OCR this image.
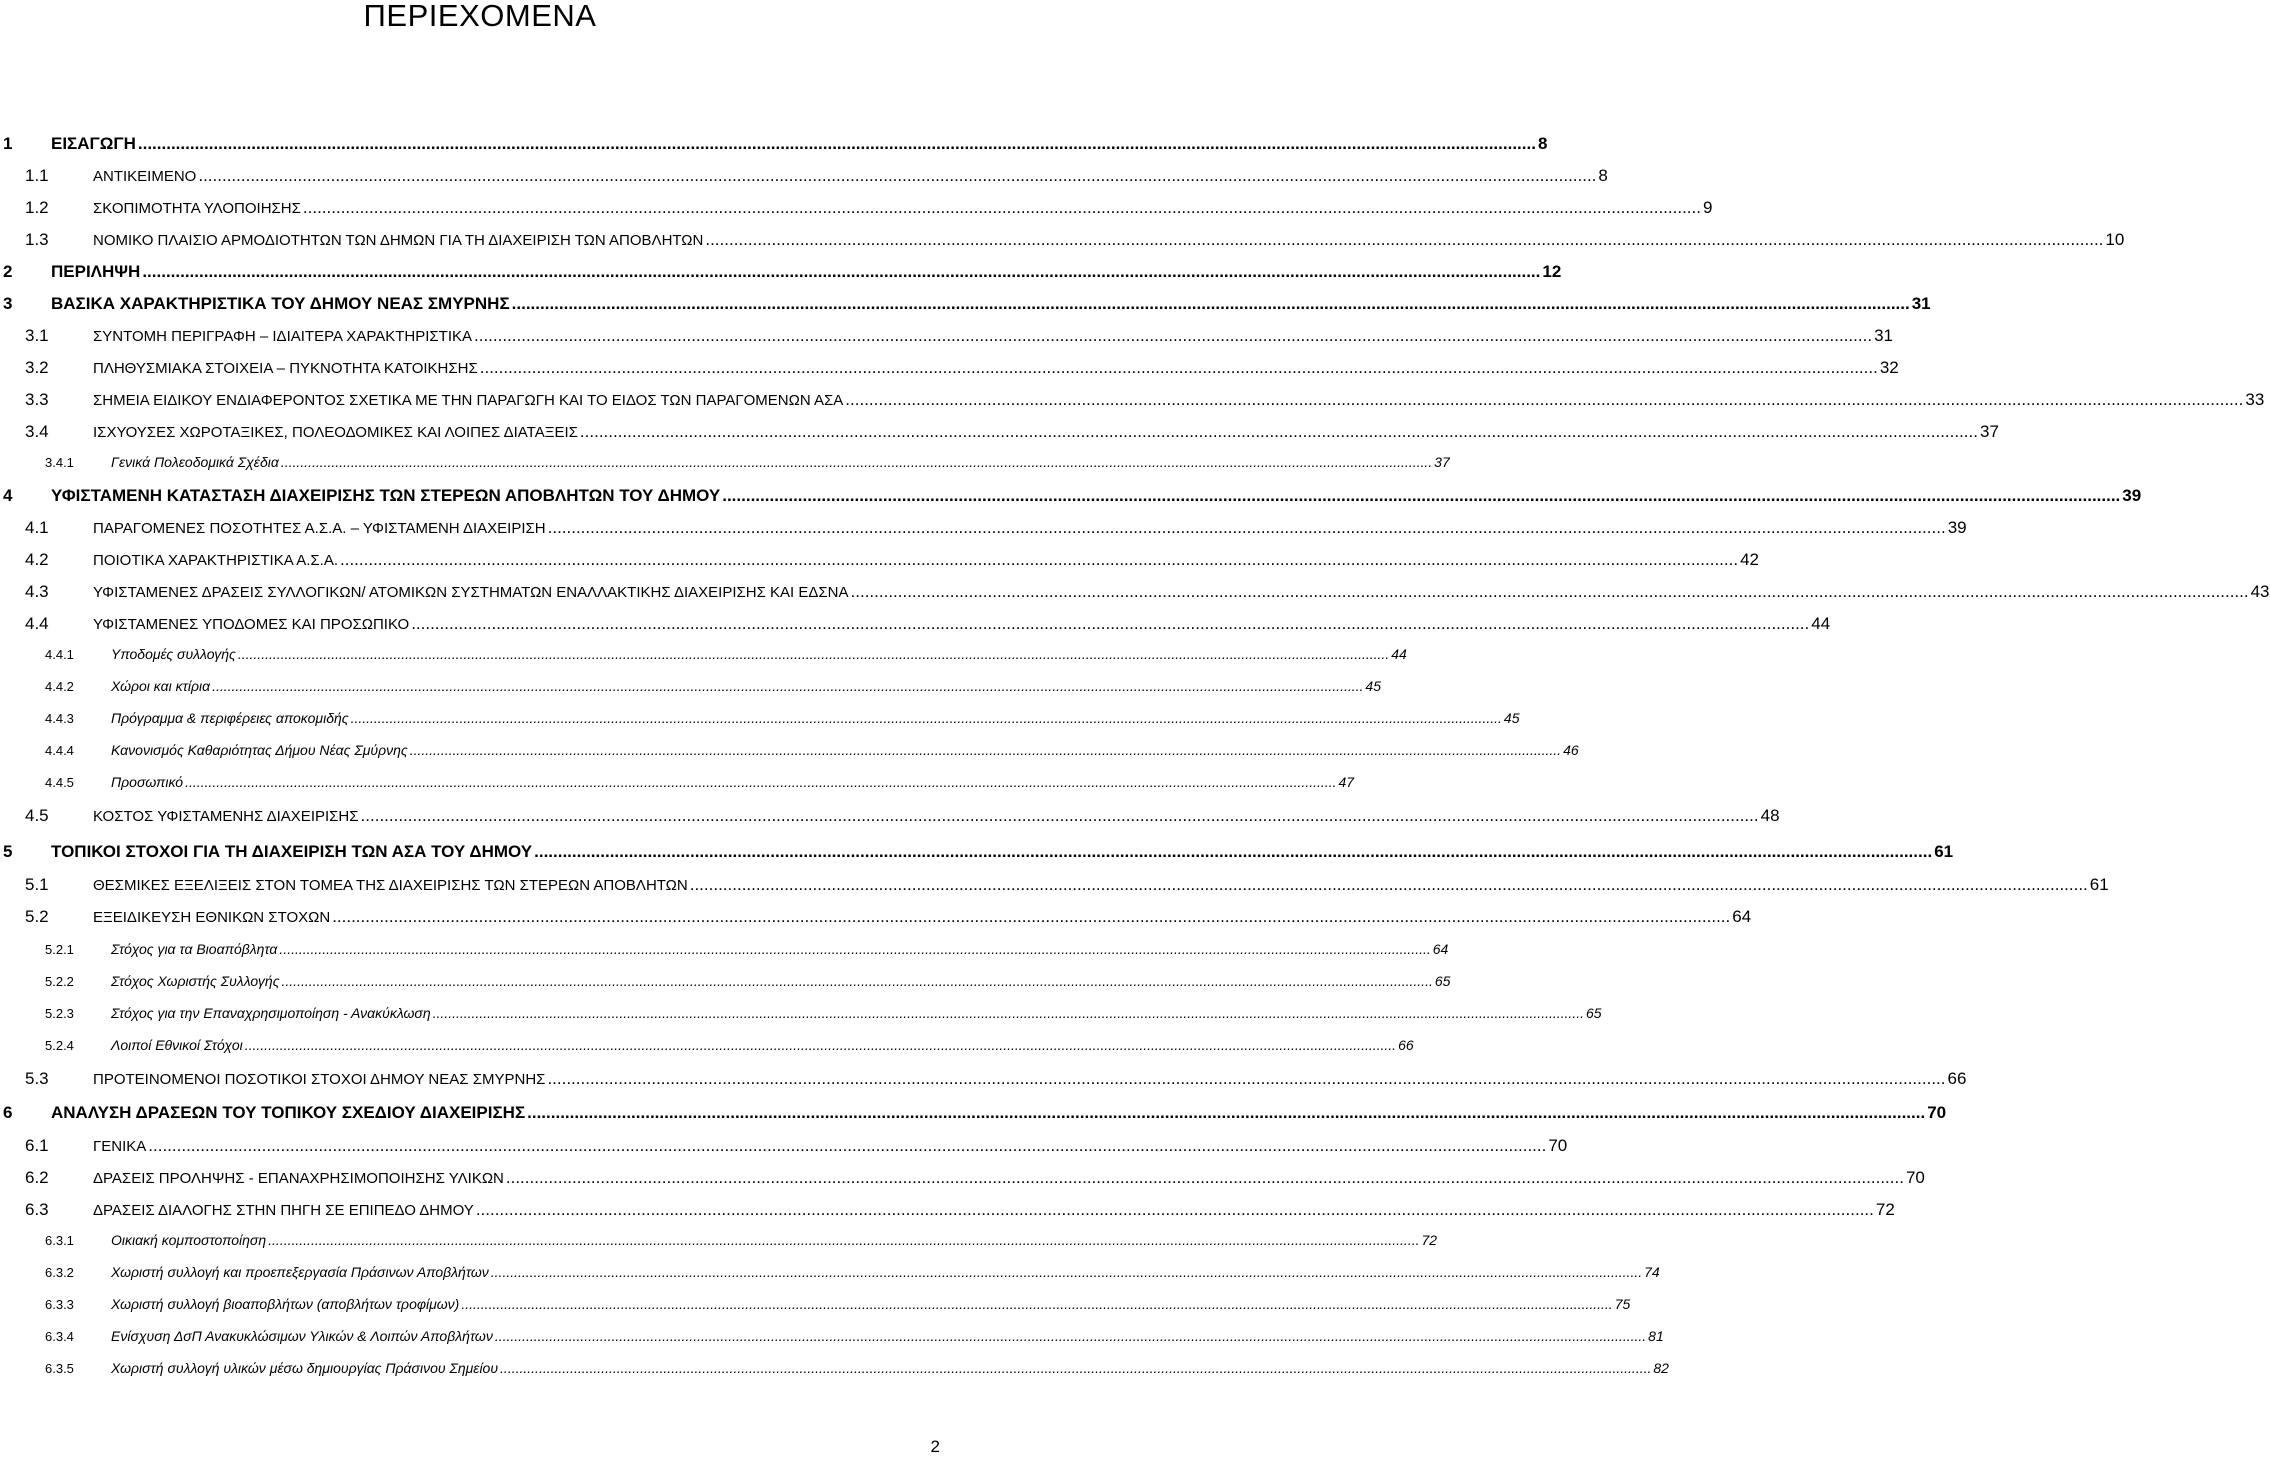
ΠΕΡΙΕΧΟΜΕΝΑ
1	ΕΙΣΑΓΩΓΗ .....	8
1.1	ΑΝΤΙΚΕΙΜΕΝΟ .....	8
1.2	ΣΚΟΠΙΜΟΤΗΤΑ ΥΛΟΠΟΙΗΣΗΣ .....	9
1.3	ΝΟΜΙΚΟ ΠΛΑΙΣΙΟ ΑΡΜΟΔΙΟΤΗΤΩΝ ΤΩΝ ΔΗΜΩΝ ΓΙΑ ΤΗ ΔΙΑΧΕΙΡΙΣΗ ΤΩΝ ΑΠΟΒΛΗΤΩΝ .....	10
2	ΠΕΡΙΛΗΨΗ .....	12
3	ΒΑΣΙΚΑ ΧΑΡΑΚΤΗΡΙΣΤΙΚΑ ΤΟΥ ΔΗΜΟΥ ΝΕΑΣ ΣΜΥΡΝΗΣ .....	31
3.1	ΣΥΝΤΟΜΗ ΠΕΡΙΓΡΑΦΗ – ΙΔΙΑΙΤΕΡΑ ΧΑΡΑΚΤΗΡΙΣΤΙΚΑ .....	31
3.2	ΠΛΗΘΥΣΜΙΑΚΑ ΣΤΟΙΧΕΙΑ – ΠΥΚΝΟΤΗΤΑ ΚΑΤΟΙΚΗΣΗΣ .....	32
3.3	ΣΗΜΕΙΑ ΕΙΔΙΚΟΥ ΕΝΔΙΑΦΕΡΟΝΤΟΣ ΣΧΕΤΙΚΑ ΜΕ ΤΗΝ ΠΑΡΑΓΩΓΗ ΚΑΙ ΤΟ ΕΙΔΟΣ ΤΩΝ ΠΑΡΑΓΟΜΕΝΩΝ ΑΣΑ .....	33
3.4	ΙΣΧΥΟΥΣΕΣ ΧΩΡΟΤΑΞΙΚΕΣ, ΠΟΛΕΟΔΟΜΙΚΕΣ ΚΑΙ ΛΟΙΠΕΣ ΔΙΑΤΑΞΕΙΣ .....	37
3.4.1	Γενικά Πολεοδομικά Σχέδια .....	37
4	ΥΦΙΣΤΑΜΕΝΗ ΚΑΤΑΣΤΑΣΗ ΔΙΑΧΕΙΡΙΣΗΣ ΤΩΝ ΣΤΕΡΕΩΝ ΑΠΟΒΛΗΤΩΝ ΤΟΥ ΔΗΜΟΥ .....	39
4.1	ΠΑΡΑΓΟΜΕΝΕΣ ΠΟΣΟΤΗΤΕΣ Α.Σ.Α. – ΥΦΙΣΤΑΜΕΝΗ ΔΙΑΧΕΙΡΙΣΗ .....	39
4.2	ΠΟΙΟΤΙΚΑ ΧΑΡΑΚΤΗΡΙΣΤΙΚΑ Α.Σ.Α. .....	42
4.3	ΥΦΙΣΤΑΜΕΝΕΣ ΔΡΑΣΕΙΣ ΣΥΛΛΟΓΙΚΩΝ/ ΑΤΟΜΙΚΩΝ ΣΥΣΤΗΜΑΤΩΝ ΕΝΑΛΛΑΚΤΙΚΗΣ ΔΙΑΧΕΙΡΙΣΗΣ ΚΑΙ ΕΔΣΝΑ .....	43
4.4	ΥΦΙΣΤΑΜΕΝΕΣ ΥΠΟΔΟΜΕΣ ΚΑΙ ΠΡΟΣΩΠΙΚΟ .....	44
4.4.1	Υποδομές συλλογής .....	44
4.4.2	Χώροι και κτίρια .....	45
4.4.3	Πρόγραμμα & περιφέρειες αποκομιδής .....	45
4.4.4	Κανονισμός Καθαριότητας Δήμου Νέας Σμύρνης .....	46
4.4.5	Προσωπικό .....	47
4.5	ΚΟΣΤΟΣ ΥΦΙΣΤΑΜΕΝΗΣ ΔΙΑΧΕΙΡΙΣΗΣ .....	48
5	ΤΟΠΙΚΟΙ ΣΤΟΧΟΙ ΓΙΑ ΤΗ ΔΙΑΧΕΙΡΙΣΗ ΤΩΝ ΑΣΑ ΤΟΥ ΔΗΜΟΥ .....	61
5.1	ΘΕΣΜΙΚΕΣ ΕΞΕΛΙΞΕΙΣ ΣΤΟΝ ΤΟΜΕΑ ΤΗΣ ΔΙΑΧΕΙΡΙΣΗΣ ΤΩΝ ΣΤΕΡΕΩΝ ΑΠΟΒΛΗΤΩΝ .....	61
5.2	ΕΞΕΙΔΙΚΕΥΣΗ ΕΘΝΙΚΩΝ ΣΤΟΧΩΝ .....	64
5.2.1	Στόχος για τα Βιοαπόβλητα .....	64
5.2.2	Στόχος Χωριστής Συλλογής .....	65
5.2.3	Στόχος για την Επαναχρησιμοποίηση - Ανακύκλωση .....	65
5.2.4	Λοιποί Εθνικοί Στόχοι .....	66
5.3	ΠΡΟΤΕΙΝΟΜΕΝΟΙ ΠΟΣΟΤΙΚΟΙ ΣΤΟΧΟΙ ΔΗΜΟΥ ΝΕΑΣ ΣΜΥΡΝΗΣ .....	66
6	ΑΝΑΛΥΣΗ ΔΡΑΣΕΩΝ ΤΟΥ ΤΟΠΙΚΟΥ ΣΧΕΔΙΟΥ ΔΙΑΧΕΙΡΙΣΗΣ .....	70
6.1	ΓΕΝΙΚΑ .....	70
6.2	ΔΡΑΣΕΙΣ ΠΡΟΛΗΨΗΣ - ΕΠΑΝΑΧΡΗΣΙΜΟΠΟΙΗΣΗΣ ΥΛΙΚΩΝ .....	70
6.3	ΔΡΑΣΕΙΣ ΔΙΑΛΟΓΗΣ ΣΤΗΝ ΠΗΓΗ ΣΕ ΕΠΙΠΕΔΟ ΔΗΜΟΥ .....	72
6.3.1	Οικιακή κομποστοποίηση .....	72
6.3.2	Χωριστή συλλογή και προεπεξεργασία Πράσινων Αποβλήτων .....	74
6.3.3	Χωριστή συλλογή βιοαποβλήτων (αποβλήτων τροφίμων) .....	75
6.3.4	Ενίσχυση ΔσΠ Ανακυκλώσιμων Υλικών & Λοιπών Αποβλήτων .....	81
6.3.5	Χωριστή συλλογή υλικών μέσω δημιουργίας Πράσινου Σημείου .....	82
2
